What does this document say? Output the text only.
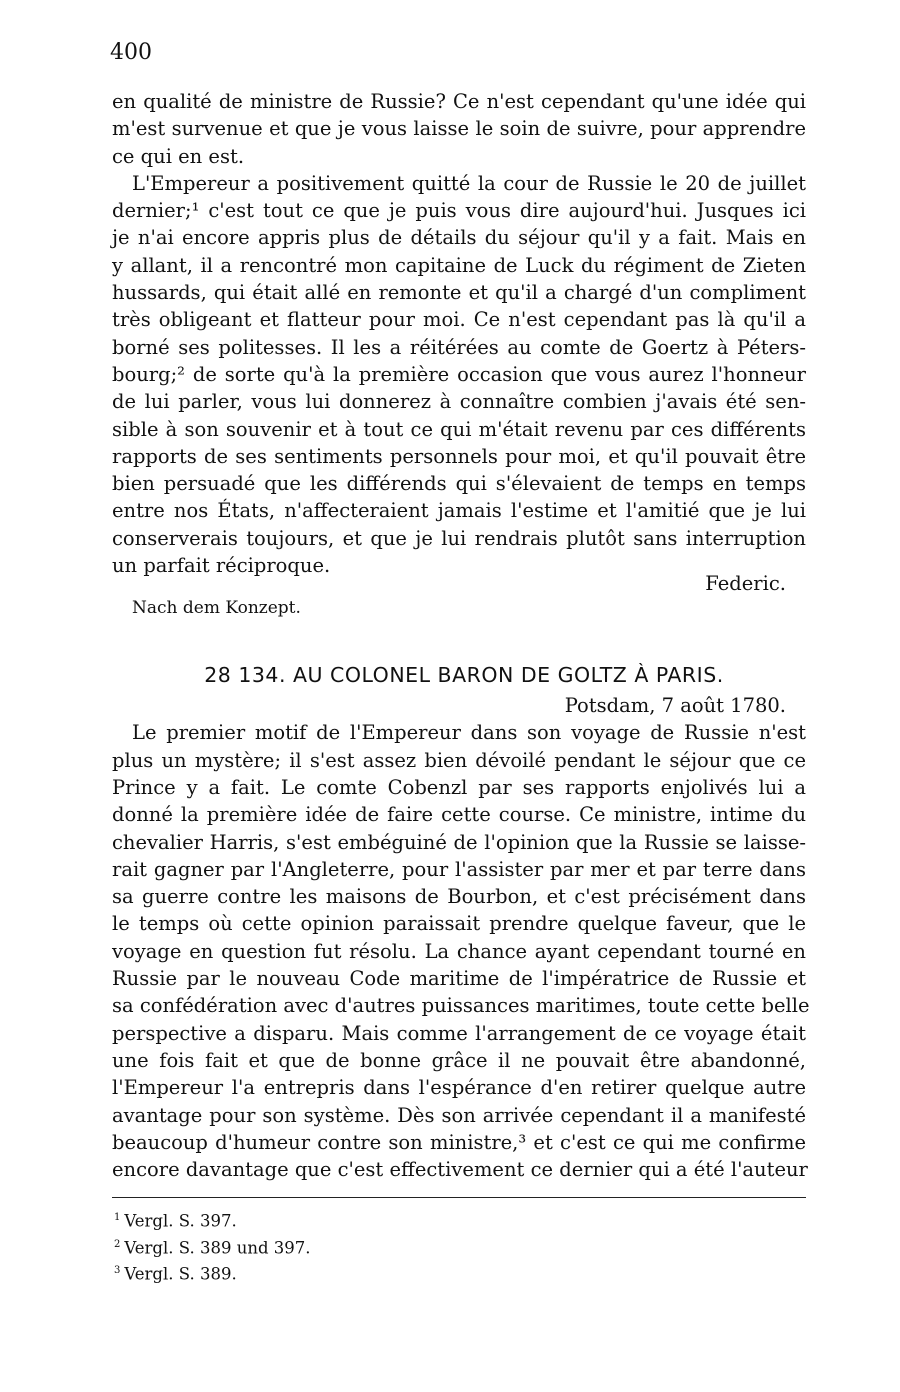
400
en qualité de ministre de Russie? Ce n'est cependant qu'une idée qui
m'est survenue et que je vous laisse le soin de suivre, pour apprendre
ce qui en est.
L'Empereur a positivement quitté la cour de Russie le 20 de juillet
dernier;¹ c'est tout ce que je puis vous dire aujourd'hui. Jusques ici
je n'ai encore appris plus de détails du séjour qu'il y a fait. Mais en
y allant, il a rencontré mon capitaine de Luck du régiment de Zieten
hussards, qui était allé en remonte et qu'il a chargé d'un compliment
très obligeant et flatteur pour moi. Ce n'est cependant pas là qu'il a
borné ses politesses. Il les a réitérées au comte de Goertz à Péters-
bourg;² de sorte qu'à la première occasion que vous aurez l'honneur
de lui parler, vous lui donnerez à connaître combien j'avais été sen-
sible à son souvenir et à tout ce qui m'était revenu par ces différents
rapports de ses sentiments personnels pour moi, et qu'il pouvait être
bien persuadé que les différends qui s'élevaient de temps en temps
entre nos États, n'affecteraient jamais l'estime et l'amitié que je lui
conserverais toujours, et que je lui rendrais plutôt sans interruption
un parfait réciproque.
Federic.
Nach dem Konzept.
28 134. AU COLONEL BARON DE GOLTZ À PARIS.
Potsdam, 7 août 1780.
Le premier motif de l'Empereur dans son voyage de Russie n'est
plus un mystère; il s'est assez bien dévoilé pendant le séjour que ce
Prince y a fait. Le comte Cobenzl par ses rapports enjolivés lui a
donné la première idée de faire cette course. Ce ministre, intime du
chevalier Harris, s'est embéguiné de l'opinion que la Russie se laisse-
rait gagner par l'Angleterre, pour l'assister par mer et par terre dans
sa guerre contre les maisons de Bourbon, et c'est précisément dans
le temps où cette opinion paraissait prendre quelque faveur, que le
voyage en question fut résolu. La chance ayant cependant tourné en
Russie par le nouveau Code maritime de l'impératrice de Russie et
sa confédération avec d'autres puissances maritimes, toute cette belle
perspective a disparu. Mais comme l'arrangement de ce voyage était
une fois fait et que de bonne grâce il ne pouvait être abandonné,
l'Empereur l'a entrepris dans l'espérance d'en retirer quelque autre
avantage pour son système. Dès son arrivée cependant il a manifesté
beaucoup d'humeur contre son ministre,³ et c'est ce qui me confirme
encore davantage que c'est effectivement ce dernier qui a été l'auteur
$^1$ Vergl. S. 397.
$^2$ Vergl. S. 389 und 397.
$^3$ Vergl. S. 389.
